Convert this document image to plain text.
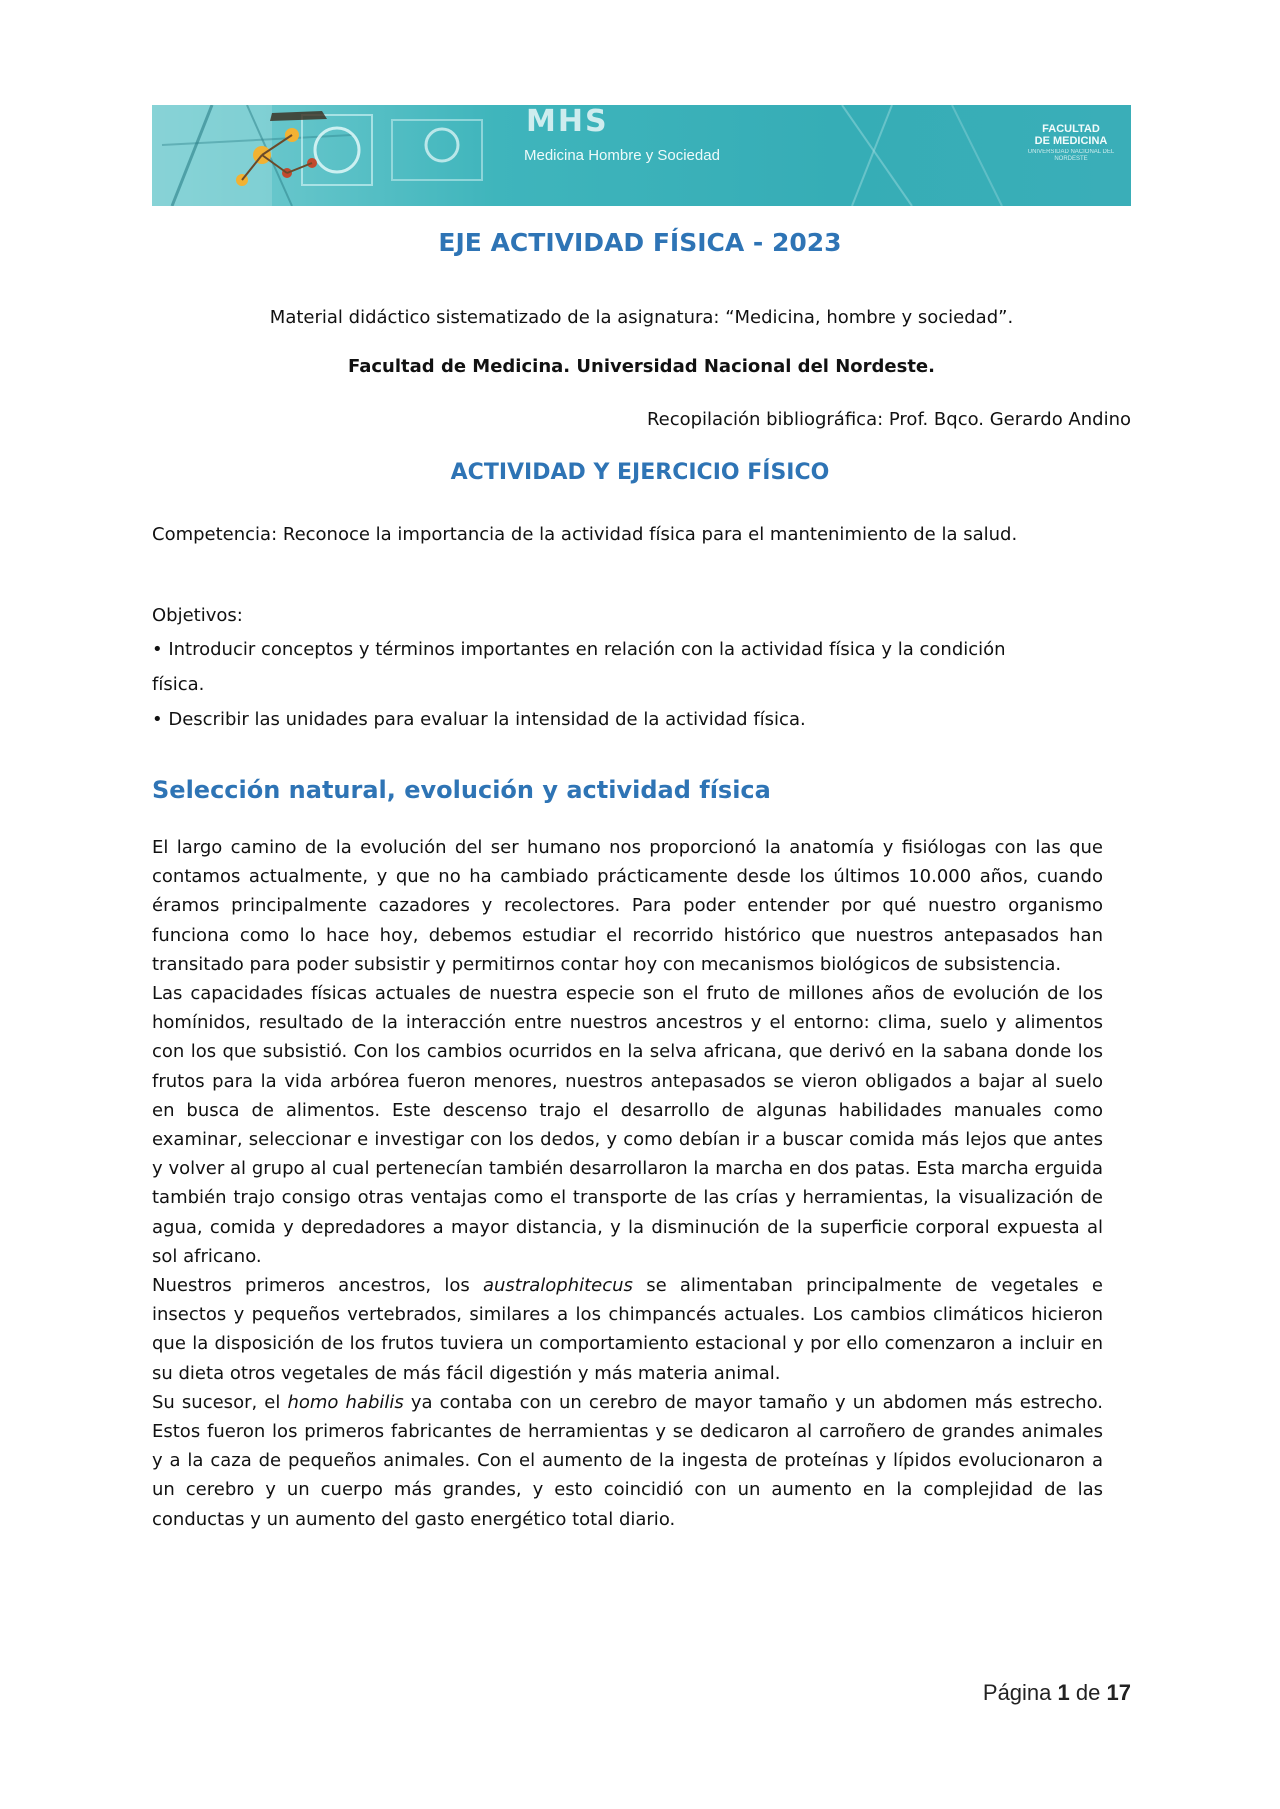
MHS
Medicina Hombre y Sociedad
FACULTAD
DE MEDICINA
UNIVERSIDAD NACIONAL DEL NORDESTE
EJE ACTIVIDAD FÍSICA - 2023
Material didáctico sistematizado de la asignatura: “Medicina, hombre y sociedad”.
Facultad de Medicina. Universidad Nacional del Nordeste.
Recopilación bibliográfica: Prof. Bqco. Gerardo Andino
ACTIVIDAD Y EJERCICIO FÍSICO
Competencia: Reconoce la importancia de la actividad física para el mantenimiento de la salud.
Objetivos:
• Introducir conceptos y términos importantes en relación con la actividad física y la condición
física.
• Describir las unidades para evaluar la intensidad de la actividad física.
Selección natural, evolución y actividad física

El largo camino de la evolución del ser humano nos proporcionó la anatomía y fisiólogas con las que contamos actualmente, y que no ha cambiado prácticamente desde los últimos 10.000 años, cuando éramos principalmente cazadores y recolectores. Para poder entender por qué nuestro organismo funciona como lo hace hoy, debemos estudiar el recorrido histórico que nuestros antepasados han transitado para poder subsistir y permitirnos contar hoy con mecanismos biológicos de subsistencia.

Las capacidades físicas actuales de nuestra especie son el fruto de millones años de evolución de los homínidos, resultado de la interacción entre nuestros ancestros y el entorno: clima, suelo y alimentos con los que subsistió. Con los cambios ocurridos en la selva africana, que derivó en la sabana donde los frutos para la vida arbórea fueron menores, nuestros antepasados se vieron obligados a bajar al suelo en busca de alimentos. Este descenso trajo el desarrollo de algunas habilidades manuales como examinar, seleccionar e investigar con los dedos, y como debían ir a buscar comida más lejos que antes y volver al grupo al cual pertenecían también desarrollaron la marcha en dos patas. Esta marcha erguida también trajo consigo otras ventajas como el transporte de las crías y herramientas, la visualización de agua, comida y depredadores a mayor distancia, y la disminución de la superficie corporal expuesta al sol africano.

Nuestros primeros ancestros, los australophitecus se alimentaban principalmente de vegetales e insectos y pequeños vertebrados, similares a los chimpancés actuales. Los cambios climáticos hicieron que la disposición de los frutos tuviera un comportamiento estacional y por ello comenzaron a incluir en su dieta otros vegetales de más fácil digestión y más materia animal.

Su sucesor, el homo habilis ya contaba con un cerebro de mayor tamaño y un abdomen más estrecho. Estos fueron los primeros fabricantes de herramientas y se dedicaron al carroñero de grandes animales y a la caza de pequeños animales. Con el aumento de la ingesta de proteínas y lípidos evolucionaron a un cerebro y un cuerpo más grandes, y esto coincidió con un aumento en la complejidad de las conductas y un aumento del gasto energético total diario.

Página 1 de 17
